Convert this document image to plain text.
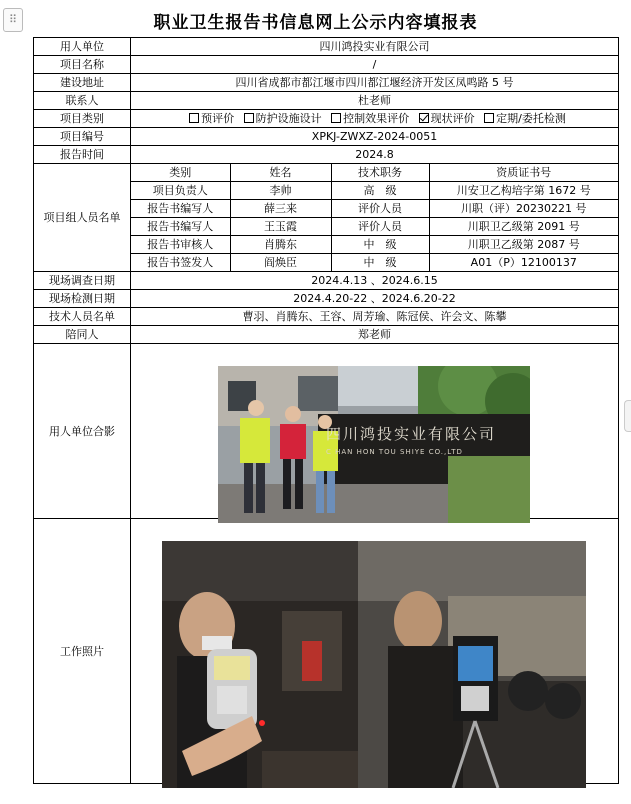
⠿	职业卫生报告书信息网上公示内容填报表
用人单位	四川鸿投实业有限公司
项目名称	/
建设地址	四川省成都市都江堰市四川都江堰经济开发区凤鸣路 5 号
联系人	杜老师
项目类别	预评价 防护设施设计 控制效果评价 现状评价 定期/委托检测
项目编号	XPKJ-ZWXZ-2024-0051
报告时间	2024.8
项目组人员名单	
类别	姓名	技术职务	资质证书号
项目负责人	李帅	高　级	川安卫乙构培字第 1672 号
报告书编写人	薛三来	评价人员	川职（评）20230221 号
报告书编写人	王玉霞	评价人员	川职卫乙级第 2091 号
报告书审核人	肖腾东	中　级	川职卫乙级第 2087 号
报告书签发人	阎焕臣	中　级	A01（P）12100137

现场调查日期	2024.4.13 、2024.6.15
现场检测日期	2024.4.20-22 、2024.6.20-22
技术人员名单	曹羽、肖腾东、王容、周芳瑜、陈冠侯、许会文、陈攀
陪同人	郑老师
用人单位合影	
工作照片	
四川鸿投实业有限公司
C HAN HON TOU SHIYE CO.,LTD
